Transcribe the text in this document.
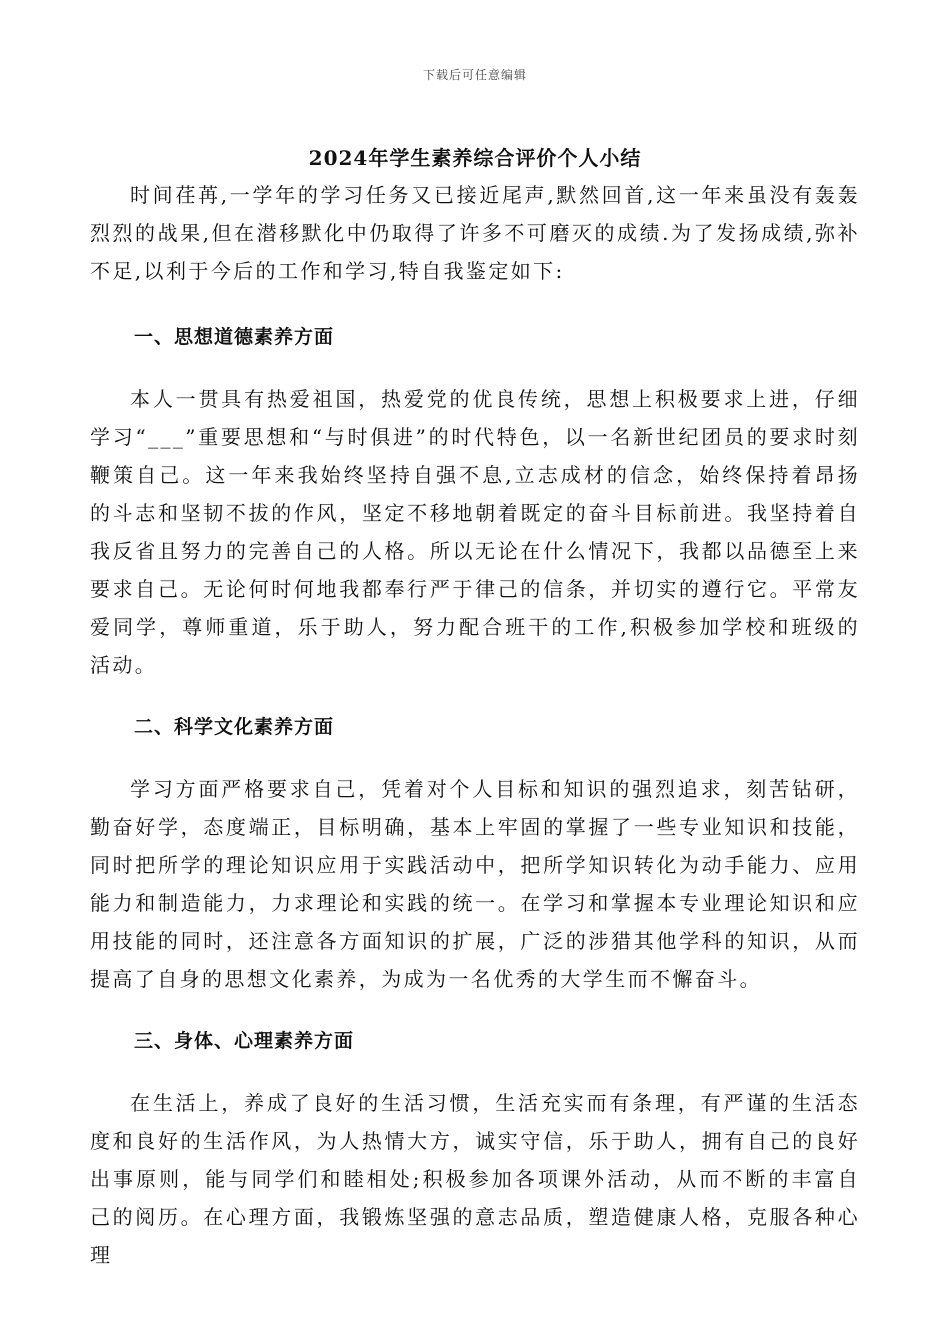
下载后可任意编辑
2024年学生素养综合评价个人小结

时间荏苒,一学年的学习任务又已接近尾声,默然回首,这一年来虽没有轰轰烈烈的战果,但在潜移默化中仍取得了许多不可磨灭的成绩.为了发扬成绩,弥补不足,以利于今后的工作和学习,特自我鉴定如下:

一、思想道德素养方面

本人一贯具有热爱祖国，热爱党的优良传统，思想上积极要求上进，仔细学习“___”重要思想和“与时俱进”的时代特色，以一名新世纪团员的要求时刻鞭策自己。这一年来我始终坚持自强不息,立志成材的信念，始终保持着昂扬的斗志和坚韧不拔的作风，坚定不移地朝着既定的奋斗目标前进。我坚持着自我反省且努力的完善自己的人格。所以无论在什么情况下，我都以品德至上来要求自己。无论何时何地我都奉行严于律己的信条，并切实的遵行它。平常友爱同学，尊师重道，乐于助人，努力配合班干的工作,积极参加学校和班级的活动。

二、科学文化素养方面

学习方面严格要求自己，凭着对个人目标和知识的强烈追求，刻苦钻研，勤奋好学，态度端正，目标明确，基本上牢固的掌握了一些专业知识和技能，同时把所学的理论知识应用于实践活动中，把所学知识转化为动手能力、应用能力和制造能力，力求理论和实践的统一。在学习和掌握本专业理论知识和应用技能的同时，还注意各方面知识的扩展，广泛的涉猎其他学科的知识，从而提高了自身的思想文化素养，为成为一名优秀的大学生而不懈奋斗。

三、身体、心理素养方面

在生活上，养成了良好的生活习惯，生活充实而有条理，有严谨的生活态度和良好的生活作风，为人热情大方，诚实守信，乐于助人，拥有自己的良好出事原则，能与同学们和睦相处;积极参加各项课外活动，从而不断的丰富自己的阅历。在心理方面，我锻炼坚强的意志品质，塑造健康人格，克服各种心理
